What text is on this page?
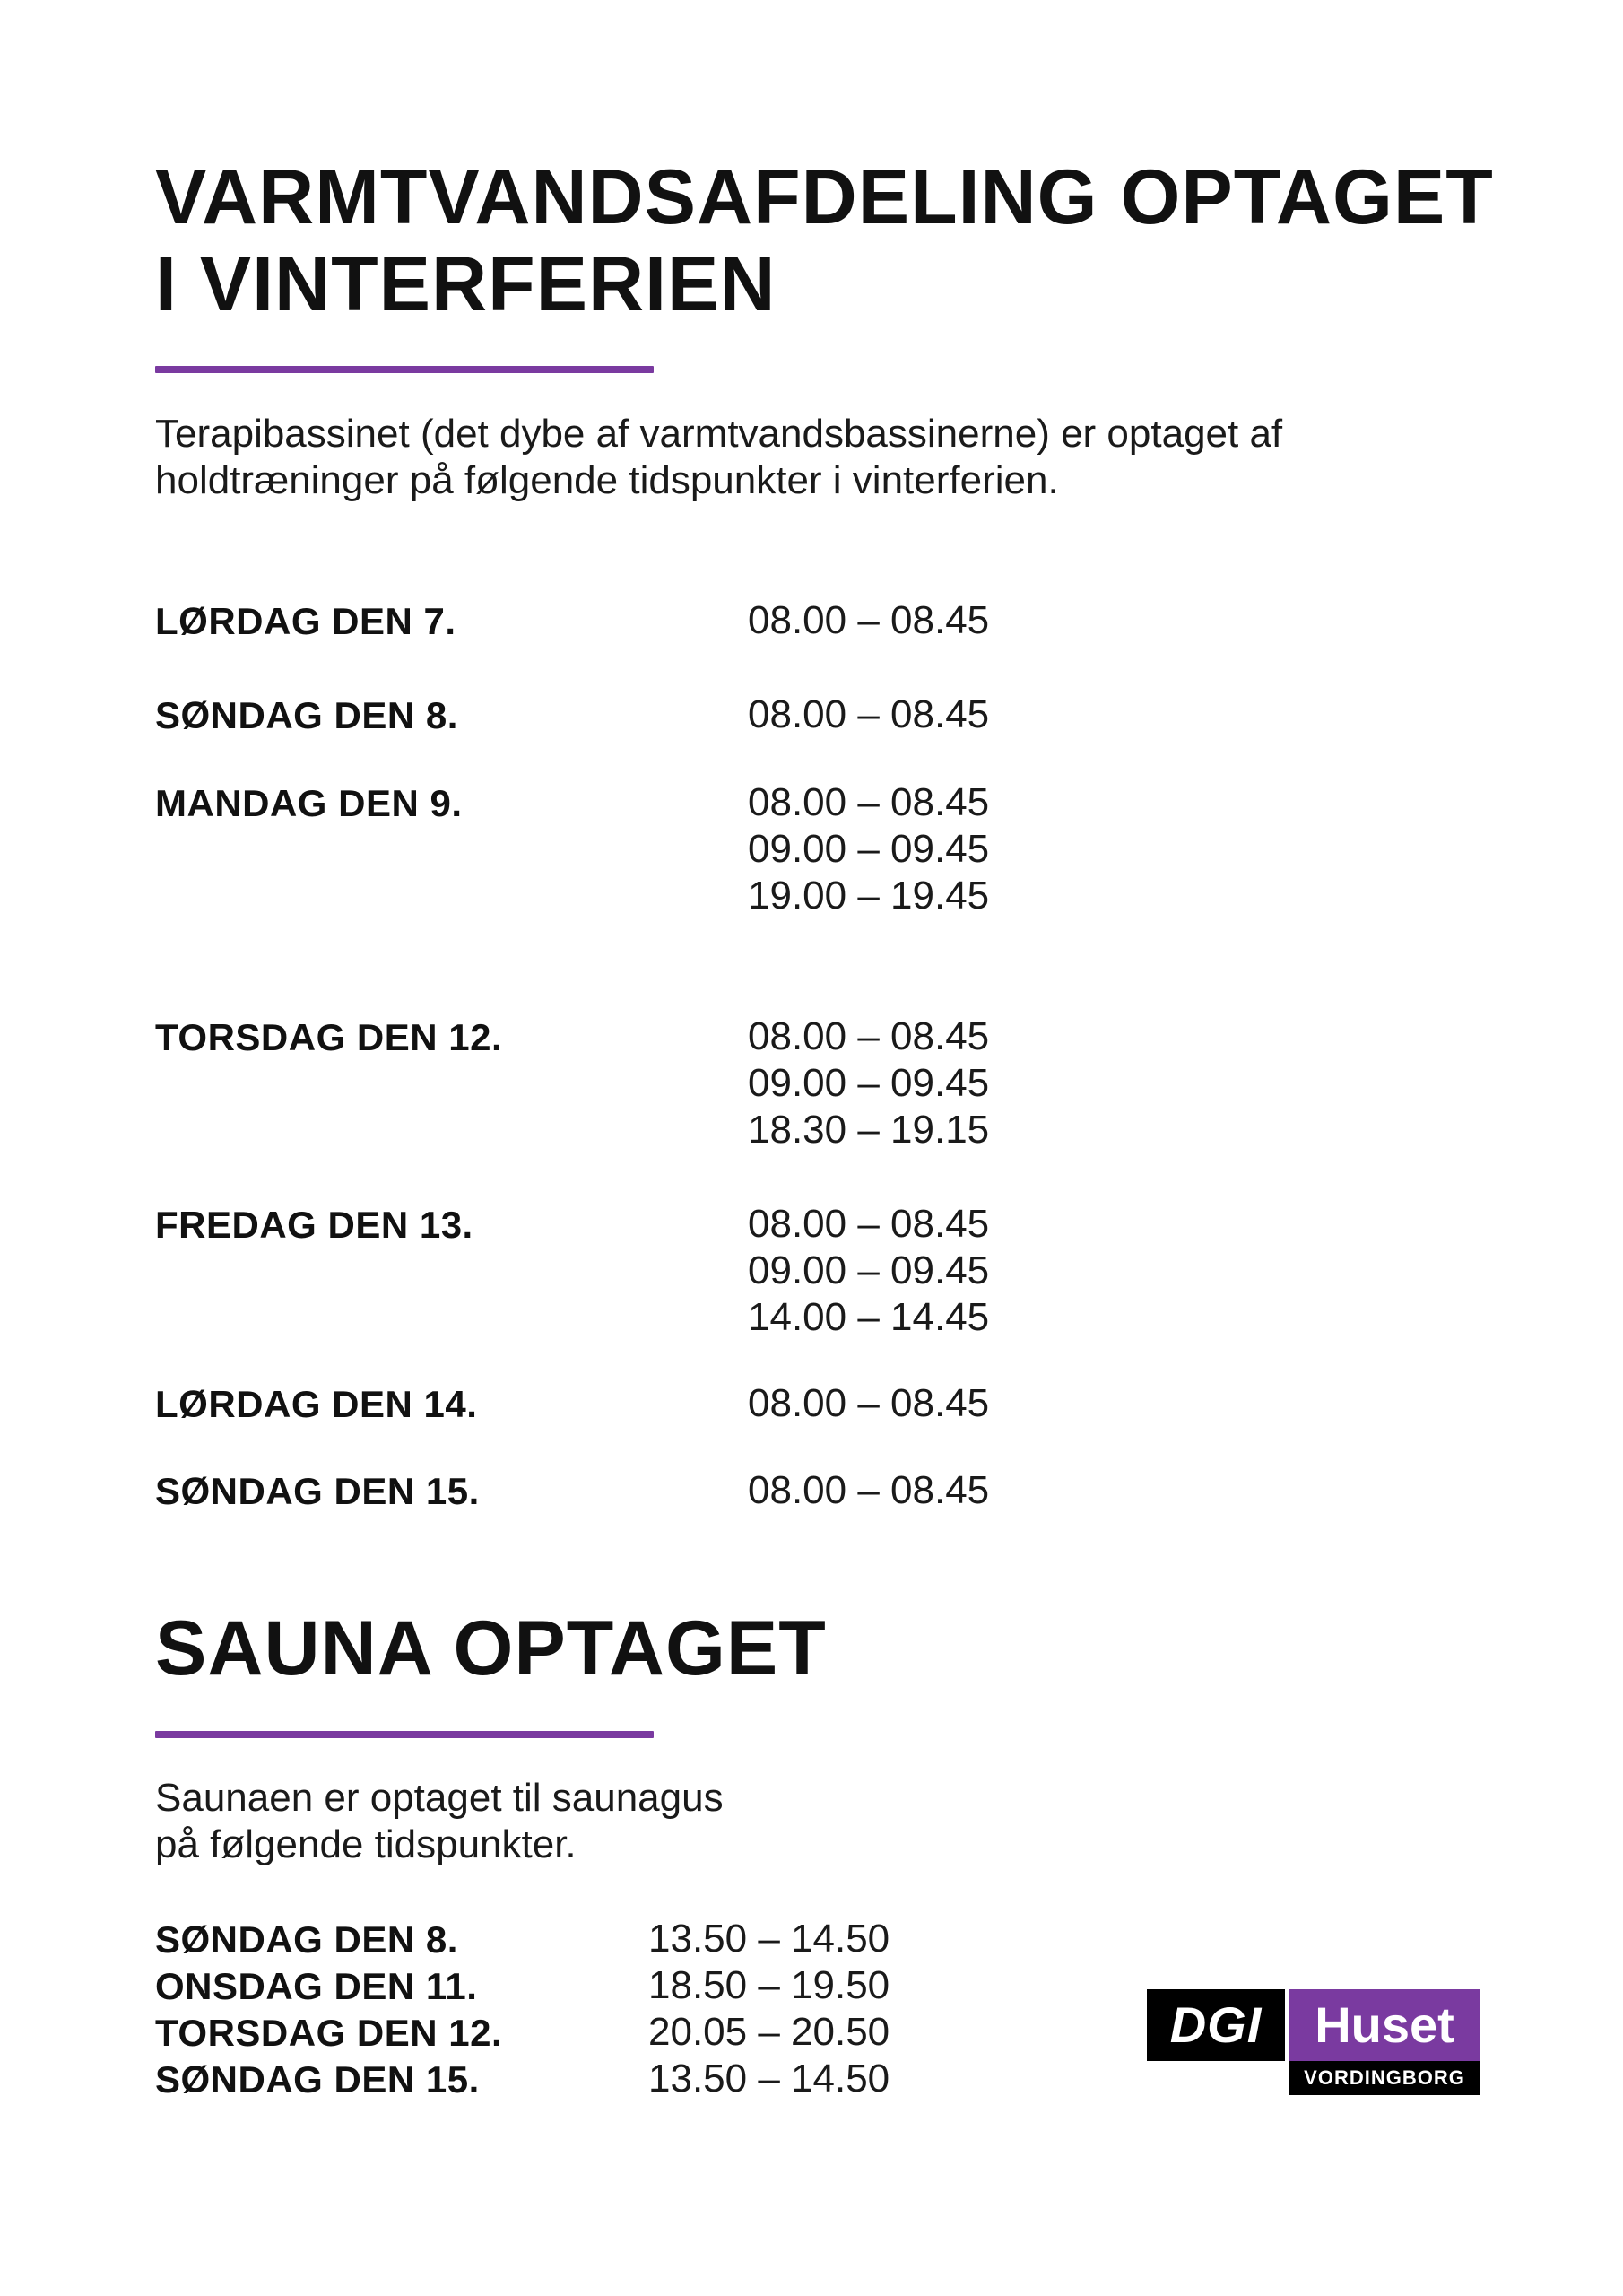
VARMTVANDSAFDELING OPTAGET
I VINTERFERIEN
Terapibassinet (det dybe af varmtvandsbassinerne) er optaget af
holdtræninger på følgende tidspunkter i vinterferien.
LØRDAG DEN 7.	08.00 – 08.45
SØNDAG DEN 8.	08.00 – 08.45
MANDAG DEN 9.	08.00 – 08.45
09.00 – 09.45
19.00 – 19.45
TORSDAG DEN 12.	08.00 – 08.45
09.00 – 09.45
18.30 – 19.15
FREDAG DEN 13.	08.00 – 08.45
09.00 – 09.45
14.00 – 14.45
LØRDAG DEN 14.	08.00 – 08.45
SØNDAG DEN 15.	08.00 – 08.45
SAUNA OPTAGET
Saunaen er optaget til saunagus
på følgende tidspunkter.
SØNDAG DEN 8.	13.50 – 14.50
ONSDAG DEN 11.	18.50 – 19.50
TORSDAG DEN 12.	20.05 – 20.50
SØNDAG DEN 15.	13.50 – 14.50
DGI	Huset
VORDINGBORG
